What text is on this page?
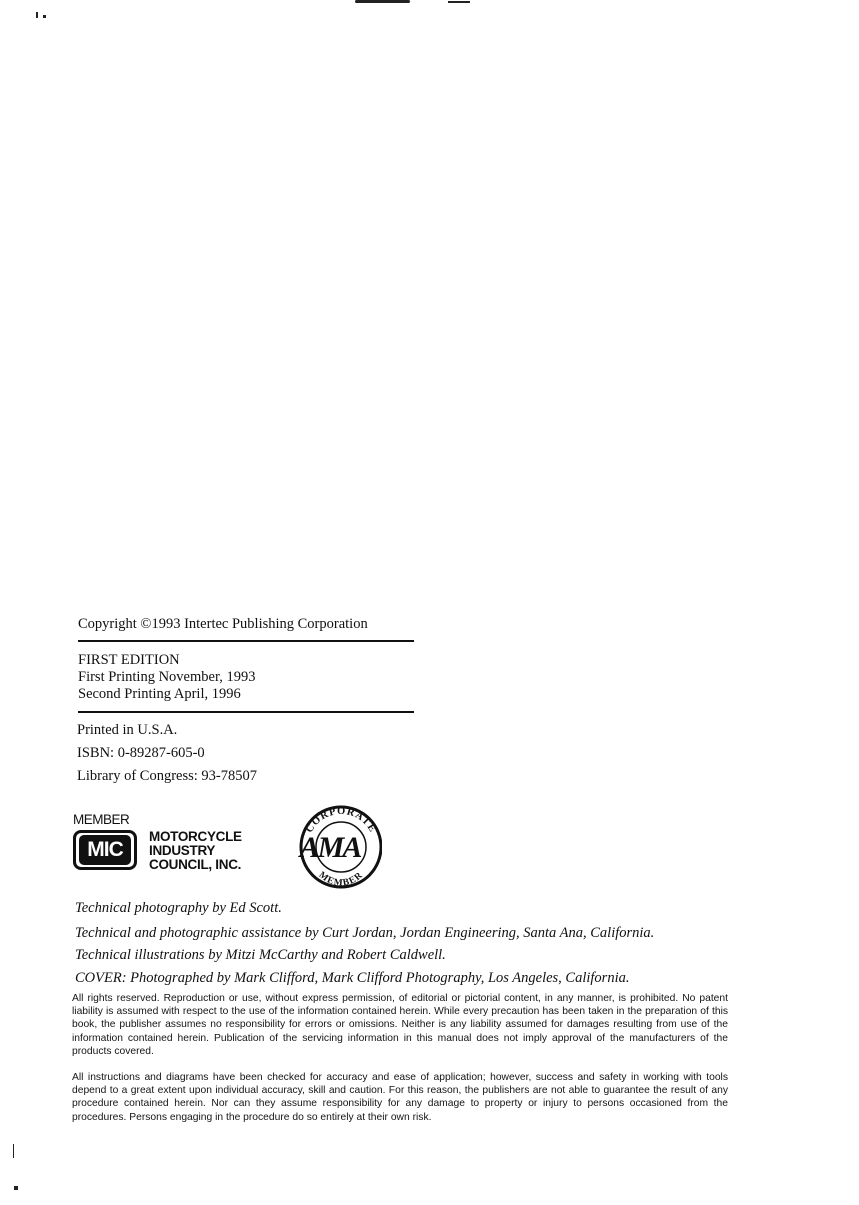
Copyright ©1993 Intertec Publishing Corporation
FIRST EDITION
First Printing November, 1993
Second Printing April, 1996
Printed in U.S.A.
ISBN: 0-89287-605-0
Library of Congress: 93-78507
MEMBER
MIC
MOTORCYCLE
INDUSTRY
COUNCIL, INC.
CORPORATE
MEMBER
AMA
Technical photography by Ed Scott.
Technical and photographic assistance by Curt Jordan, Jordan Engineering, Santa Ana, California.
Technical illustrations by Mitzi McCarthy and Robert Caldwell.
COVER: Photographed by Mark Clifford, Mark Clifford Photography, Los Angeles, California.

All rights reserved. Reproduction or use, without express permission, of editorial or pictorial content, in any manner, is prohibited. No patent liability is assumed with respect to the use of the information contained herein. While every precaution has been taken in the preparation of this book, the publisher assumes no responsibility for errors or omissions. Neither is any liability assumed for damages resulting from use of the information contained herein. Publication of the servicing information in this manual does not imply approval of the manufacturers of the products covered.

All instructions and diagrams have been checked for accuracy and ease of application; however, success and safety in working with tools depend to a great extent upon individual accuracy, skill and caution. For this reason, the publishers are not able to guarantee the result of any procedure contained herein. Nor can they assume responsibility for any damage to property or injury to persons occasioned from the procedures. Persons engaging in the procedure do so entirely at their own risk.
